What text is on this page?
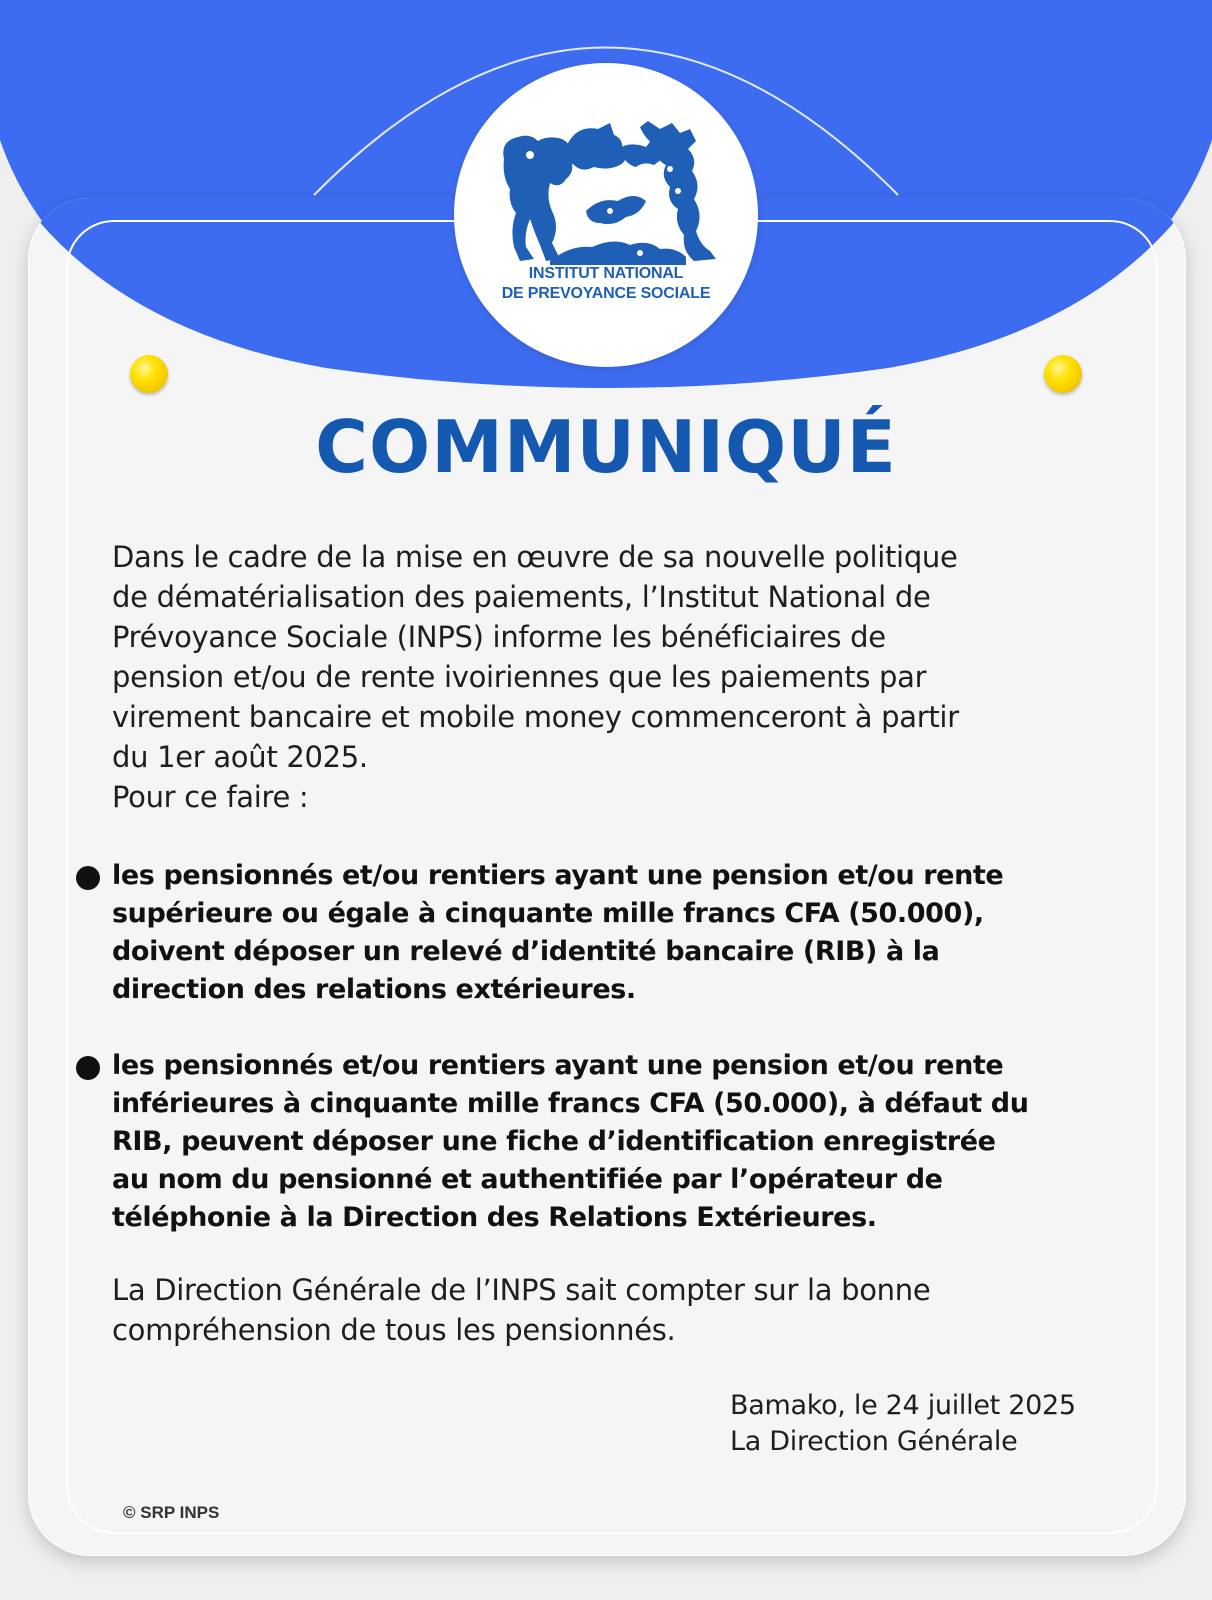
INSTITUT NATIONAL
DE PREVOYANCE SOCIALE
COMMUNIQUÉ
Dans le cadre de la mise en œuvre de sa nouvelle politique
de dématérialisation des paiements, l’Institut National de
Prévoyance Sociale (INPS) informe les bénéficiaires de
pension et/ou de rente ivoiriennes que les paiements par
virement bancaire et mobile money commenceront à partir
du 1er août 2025.
Pour ce faire :
les pensionnés et/ou rentiers ayant une pension et/ou rente
supérieure ou égale à cinquante mille francs CFA (50.000),
doivent déposer un relevé d’identité bancaire (RIB) à la
direction des relations extérieures.
les pensionnés et/ou rentiers ayant une pension et/ou rente
inférieures à cinquante mille francs CFA (50.000), à défaut du
RIB, peuvent déposer une fiche d’identification enregistrée
au nom du pensionné et authentifiée par l’opérateur de
téléphonie à la Direction des Relations Extérieures.
La Direction Générale de l’INPS sait compter sur la bonne
compréhension de tous les pensionnés.
Bamako, le 24 juillet 2025
La Direction Générale
© SRP INPS
